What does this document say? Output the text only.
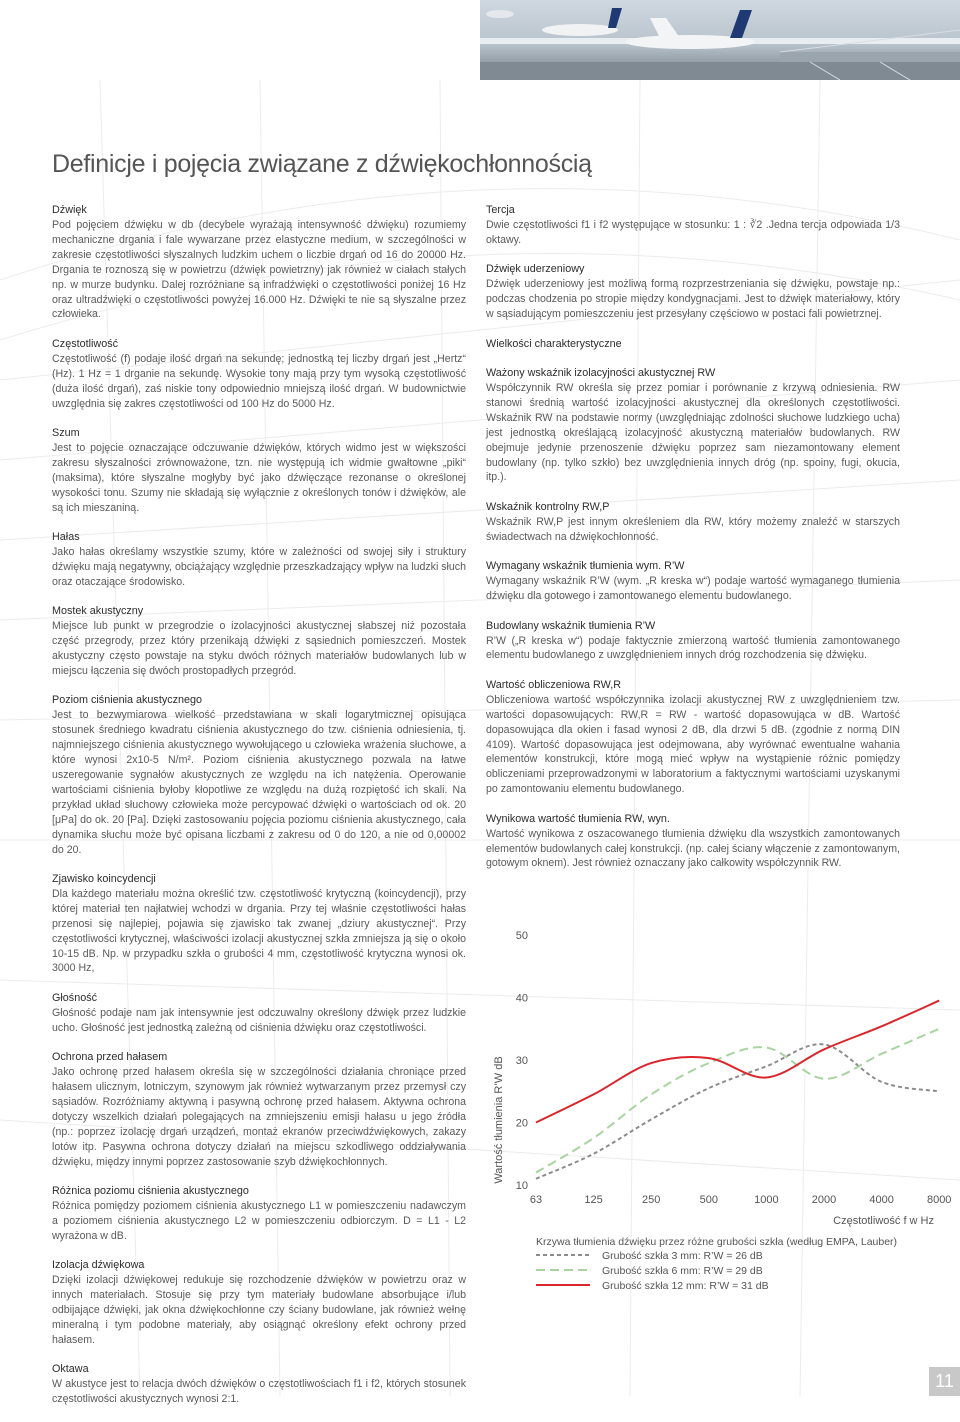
Definicje i pojęcia związane z dźwiękochłonnością
Dźwięk
Pod pojęciem dźwięku w db (decybele wyrażają intensywność dźwięku) rozumiemy mechaniczne drgania i fale wywarzane przez elastyczne medium, w szczególności w zakresie częstotliwości słyszalnych ludzkim uchem o liczbie drgań od 16 do 20000 Hz. Drgania te roznoszą się w powietrzu (dźwięk powietrzny) jak również w ciałach stałych np. w murze budynku. Dalej rozróżniane są infradźwięki o częstotliwości poniżej 16 Hz oraz ultradźwięki o częstotliwości powyżej 16.000 Hz. Dźwięki te nie są słyszalne przez człowieka.
Częstotliwość
Częstotliwość (f) podaje ilość drgań na sekundę; jednostką tej liczby drgań jest „Hertz“ (Hz). 1 Hz = 1 drganie na sekundę. Wysokie tony mają przy tym wysoką częstotliwość (duża ilość drgań), zaś niskie tony odpowiednio mniejszą ilość drgań. W budownictwie uwzględnia się zakres częstotliwości od 100 Hz do 5000 Hz.
Szum
Jest to pojęcie oznaczające odczuwanie dźwięków, których widmo jest w większości zakresu słyszalności zrównoważone, tzn. nie występują ich widmie gwałtowne „piki“ (maksima), które słyszalne mogłyby być jako dźwięczące rezonanse o określonej wysokości tonu. Szumy nie składają się wyłącznie z określonych tonów i dźwięków, ale są ich mieszaniną.
Hałas
Jako hałas określamy wszystkie szumy, które w zależności od swojej siły i struktury dźwięku mają negatywny, obciążający względnie przeszkadzający wpływ na ludzki słuch oraz otaczające środowisko.
Mostek akustyczny
Miejsce lub punkt w przegrodzie o izolacyjności akustycznej słabszej niż pozostała część przegrody, przez który przenikają dźwięki z sąsiednich pomieszczeń. Mostek akustyczny często powstaje na styku dwóch różnych materiałów budowlanych lub w miejscu łączenia się dwóch prostopadłych przegród.
Poziom ciśnienia akustycznego
Jest to bezwymiarowa wielkość przedstawiana w skali logarytmicznej opisująca stosunek średniego kwadratu ciśnienia akustycznego do tzw. ciśnienia odniesienia, tj. najmniejszego ciśnienia akustycznego wywołującego u człowieka wrażenia słuchowe, a które wynosi 2x10-5 N/m². Poziom ciśnienia akustycznego pozwala na łatwe uszeregowanie sygnałów akustycznych ze względu na ich natężenia. Operowanie wartościami ciśnienia byłoby kłopotliwe ze względu na dużą rozpiętość ich skali. Na przykład układ słuchowy człowieka może percypować dźwięki o wartościach od ok. 20 [μPa] do ok. 20 [Pa]. Dzięki zastosowaniu pojęcia poziomu ciśnienia akustycznego, cała dynamika słuchu może być opisana liczbami z zakresu od 0 do 120, a nie od 0,00002 do 20.
Zjawisko koincydencji
Dla każdego materiału można określić tzw. częstotliwość krytyczną (koincydencji), przy której materiał ten najłatwiej wchodzi w drgania. Przy tej właśnie częstotliwości hałas przenosi się najlepiej, pojawia się zjawisko tak zwanej „dziury akustycznej“. Przy częstotliwości krytycznej, właściwości izolacji akustycznej szkła zmniejsza ją się o około 10-15 dB. Np. w przypadku szkła o grubości 4 mm, częstotliwość krytyczna wynosi ok. 3000 Hz,
Głośność
Głośność podaje nam jak intensywnie jest odczuwalny określony dźwięk przez ludzkie ucho. Głośność jest jednostką zależną od ciśnienia dźwięku oraz częstotliwości.
Ochrona przed hałasem
Jako ochronę przed hałasem określa się w szczególności działania chroniące przed hałasem ulicznym, lotniczym, szynowym jak również wytwarzanym przez przemysł czy sąsiadów. Rozróżniamy aktywną i pasywną ochronę przed hałasem. Aktywna ochrona dotyczy wszelkich działań polegających na zmniejszeniu emisji hałasu u jego źródła (np.: poprzez izolację drgań urządzeń, montaż ekranów przeciwdźwiękowych, zakazy lotów itp. Pasywna ochrona dotyczy działań na miejscu szkodliwego oddziaływania dźwięku, między innymi poprzez zastosowanie szyb dźwiękochłonnych.
Różnica poziomu ciśnienia akustycznego
Różnica pomiędzy poziomem ciśnienia akustycznego L1 w pomieszczeniu nadawczym a poziomem ciśnienia akustycznego L2 w pomieszczeniu odbiorczym. D = L1 - L2 wyrażona w dB.
Izolacja dźwiękowa
Dzięki izolacji dźwiękowej redukuje się rozchodzenie dźwięków w powietrzu oraz w innych materiałach. Stosuje się przy tym materiały budowlane absorbujące i/lub odbijające dźwięki, jak okna dźwiękochłonne czy ściany budowlane, jak również wełnę mineralną i tym podobne materiały, aby osiągnąć określony efekt ochrony przed hałasem.
Oktawa
W akustyce jest to relacja dwóch dźwięków o częstotliwościach f1 i f2, których stosunek częstotliwości akustycznych wynosi 2:1.
Tercja
Dwie częstotliwości f1 i f2 występujące w stosunku: 1 : ∛2 .Jedna tercja odpowiada 1/3 oktawy.
Dźwięk uderzeniowy
Dźwięk uderzeniowy jest możliwą formą rozprzestrzeniania się dźwięku, powstaje np.: podczas chodzenia po stropie między kondygnacjami. Jest to dźwięk materiałowy, który w sąsiadującym pomieszczeniu jest przesyłany częściowo w postaci fali powietrznej.
Wielkości charakterystyczne
Ważony wskaźnik izolacyjności akustycznej RW
Współczynnik RW określa się przez pomiar i porównanie z krzywą odniesienia. RW stanowi średnią wartość izolacyjności akustycznej dla określonych częstotliwości. Wskaźnik RW na podstawie normy (uwzględniając zdolności słuchowe ludzkiego ucha) jest jednostką określającą izolacyjność akustyczną materiałów budowlanych. RW obejmuje jedynie przenoszenie dźwięku poprzez sam niezamontowany element budowlany (np. tylko szkło) bez uwzględnienia innych dróg (np. spoiny, fugi, okucia, itp.).
Wskaźnik kontrolny RW,P
Wskaźnik RW,P jest innym określeniem dla RW, który możemy znaleźć w starszych świadectwach na dźwiękochłonność.
Wymagany wskaźnik tłumienia wym. R’W
Wymagany wskaźnik R’W (wym. „R kreska w“) podaje wartość wymaganego tłumienia dźwięku dla gotowego i zamontowanego elementu budowlanego.
Budowlany wskaźnik tłumienia R’W
R’W („R kreska w“) podaje faktycznie zmierzoną wartość tłumienia zamontowanego elementu budowlanego z uwzględnieniem innych dróg rozchodzenia się dźwięku.
Wartość obliczeniowa RW,R
Obliczeniowa wartość współczynnika izolacji akustycznej RW z uwzględnieniem tzw. wartości dopasowujących: RW,R = RW - wartość dopasowująca w dB. Wartość dopasowująca dla okien i fasad wynosi 2 dB, dla drzwi 5 dB. (zgodnie z normą DIN 4109). Wartość dopasowująca jest odejmowana, aby wyrównać ewentualne wahania elementów konstrukcji, które mogą mieć wpływ na wystąpienie różnic pomiędzy obliczeniami przeprowadzonymi w laboratorium a faktycznymi wartościami uzyskanymi po zamontowaniu elementu budowlanego.
Wynikowa wartość tłumienia RW, wyn.
Wartość wynikowa z oszacowanego tłumienia dźwięku dla wszystkich zamontowanych elementów budowlanych całej konstrukcji. (np. całej ściany włączenie z zamontowanym, gotowym oknem). Jest również oznaczany jako całkowity współczynnik RW.
Wartość tłumienia R’W dB
10
20
30
40
50
63	125	250	500	1000	2000	4000	8000
Częstotliwość f w Hz
Krzywa tłumienia dźwięku przez różne grubości szkła (według EMPA, Lauber)
Grubość szkła 3 mm: R’W = 26 dB
Grubość szkła 6 mm: R’W = 29 dB
Grubość szkła 12 mm: R’W = 31 dB
11
